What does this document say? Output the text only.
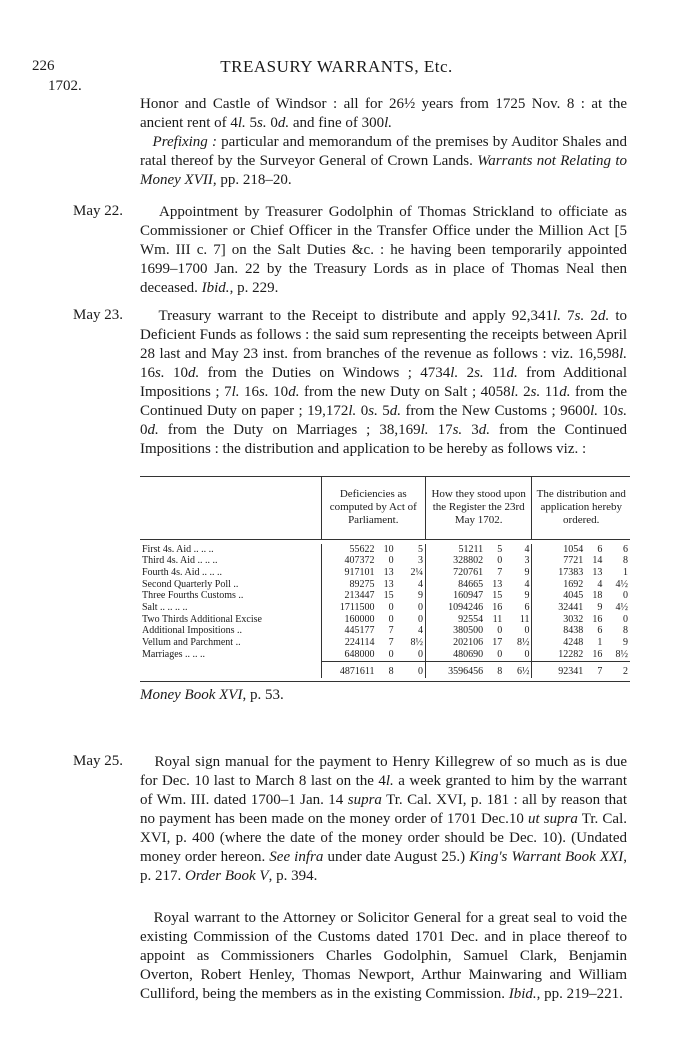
226	TREASURY WARRANTS, Etc.
1702.

Honor and Castle of Windsor : all for 26½ years from 1725 Nov. 8 : at the ancient rent of 4l. 5s. 0d. and fine of 300l.
Prefixing : particular and memorandum of the premises by Auditor Shales and ratal thereof by the Surveyor General of Crown Lands. Warrants not Relating to Money XVII, pp. 218–20.

May 22. Appointment by Treasurer Godolphin of Thomas Strickland to officiate as Commissioner or Chief Officer in the Transfer Office under the Million Act [5 Wm. III c. 7] on the Salt Duties &c. : he having been temporarily appointed 1699–1700 Jan. 22 by the Treasury Lords as in place of Thomas Neal then deceased. Ibid., p. 229.

May 23. Treasury warrant to the Receipt to distribute and apply 92,341l. 7s. 2d. to Deficient Funds as follows : the said sum representing the receipts between April 28 last and May 23 inst. from branches of the revenue as follows : viz. 16,598l. 16s. 10d. from the Duties on Windows ; 4734l. 2s. 11d. from Additional Impositions ; 7l. 16s. 10d. from the new Duty on Salt ; 4058l. 2s. 11d. from the Continued Duty on paper ; 19,172l. 0s. 5d. from the New Customs ; 9600l. 10s. 0d. from the Duty on Marriages ; 38,169l. 17s. 3d. from the Continued Impositions : the distribution and application to be hereby as follows viz. :

	Deficiencies as computed by Act of Parliament.			How they stood upon the Register the 23rd May 1702.			The distribution and application hereby ordered.		

First 4s. Aid .. .. ..	55622	10	5	51211	5	4	1054	6	6
Third 4s. Aid .. .. ..	407372	0	3	328802	0	3	7721	14	8
Fourth 4s. Aid .. .. ..	917101	13	2¼	720761	7	9	17383	13	1
Second Quarterly Poll ..	89275	13	4	84665	13	4	1692	4	4½
Three Fourths Customs ..	213447	15	9	160947	15	9	4045	18	0
Salt .. .. .. ..	1711500	0	0	1094246	16	6	32441	9	4½
Two Thirds Additional Excise	160000	0	0	92554	11	11	3032	16	0
Additional Impositions ..	445177	7	4	380500	0	0	8438	6	8
Vellum and Parchment ..	224114	7	8½	202106	17	8½	4248	1	9
Marriages .. .. ..	648000	0	0	480690	0	0	12282	16	8½

	4871611	8	0	3596456	8	6½	92341	7	2

Money Book XVI, p. 53.

May 25. Royal sign manual for the payment to Henry Killegrew of so much as is due for Dec. 10 last to March 8 last on the 4l. a week granted to him by the warrant of Wm. III. dated 1700–1 Jan. 14 supra Tr. Cal. XVI, p. 181 : all by reason that no payment has been made on the money order of 1701 Dec.10 ut supra Tr. Cal. XVI, p. 400 (where the date of the money order should be Dec. 10). (Undated money order hereon. See infra under date August 25.) King's Warrant Book XXI, p. 217. Order Book V, p. 394.

Royal warrant to the Attorney or Solicitor General for a great seal to void the existing Commission of the Customs dated 1701 Dec. and in place thereof to appoint as Commissioners Charles Godolphin, Samuel Clark, Benjamin Overton, Robert Henley, Thomas Newport, Arthur Mainwaring and William Culliford, being the members as in the existing Commission. Ibid., pp. 219–221.
